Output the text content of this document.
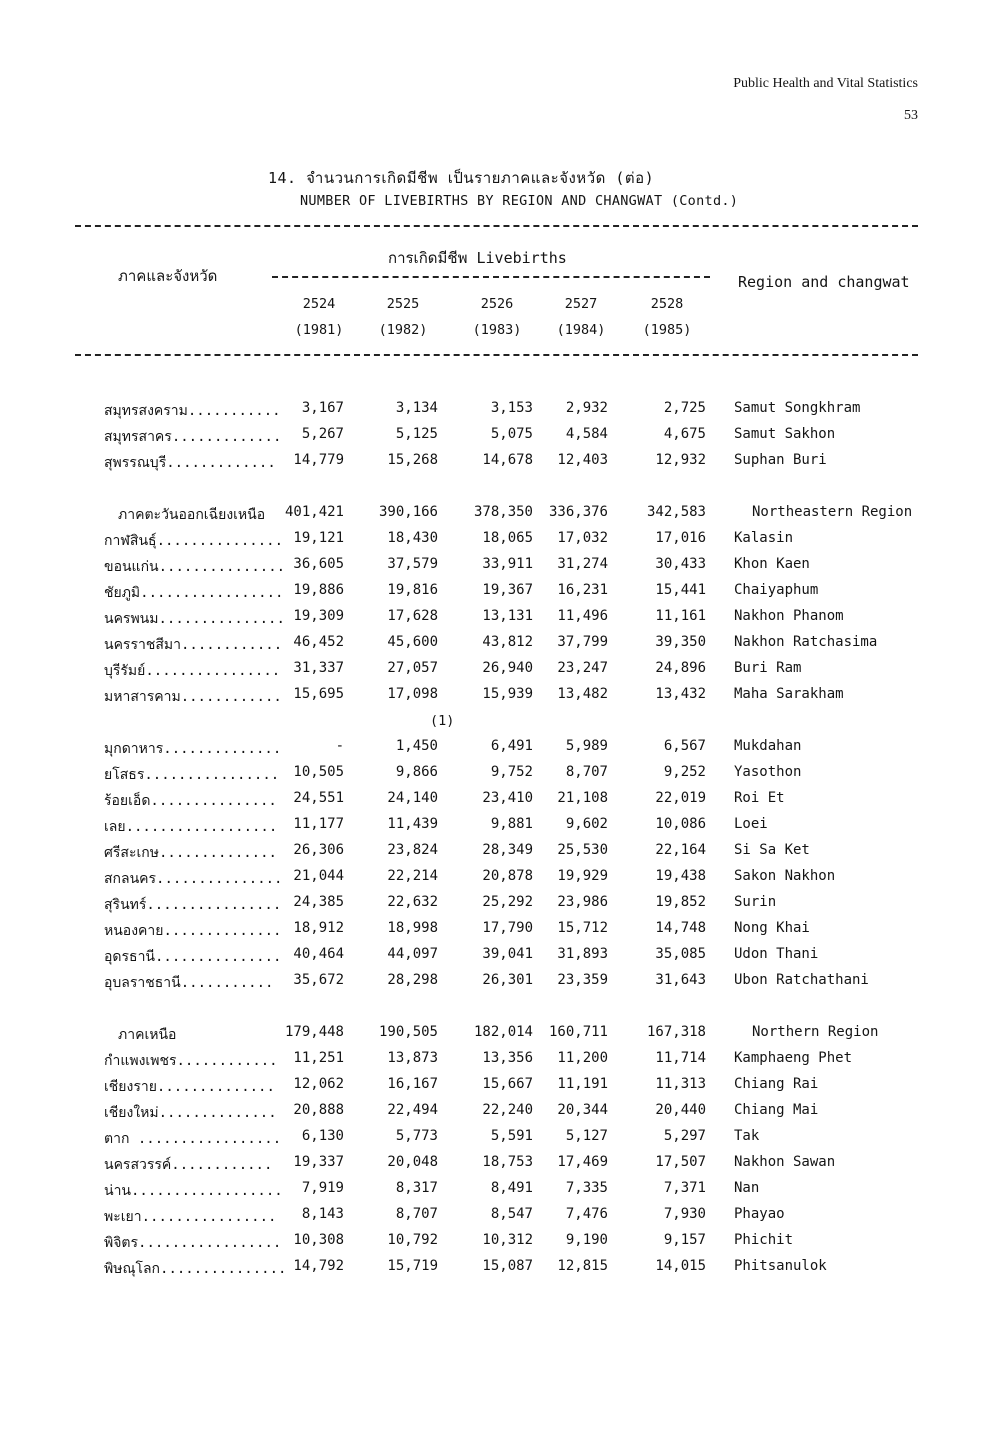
Public Health and Vital Statistics
53
14. จำนวนการเกิดมีชีพ เป็นรายภาคและจังหวัด (ต่อ)
NUMBER OF LIVEBIRTHS BY REGION AND CHANGWAT (Contd.)
ภาคและจังหวัด
การเกิดมีชีพ Livebirths
Region and changwat
2524
(1981)
2525
(1982)
2526
(1983)
2527
(1984)
2528
(1985)
สมุทรสงคราม...........	3,167	3,134	3,153	2,932	2,725 Samut Songkhram
สมุทรสาคร.............	5,267	5,125	5,075	4,584	4,675 Samut Sakhon
สุพรรณบุรี.............	14,779	15,268	14,678	12,403	12,932 Suphan Buri
ภาคตะวันออกเฉียงเหนือ	401,421	390,166	378,350	336,376	342,583	Northeastern Region
กาฬสินธุ์............... 19,121	18,430	18,065	17,032	17,016 Kalasin
ขอนแก่น............... 36,605	37,579	33,911	31,274	30,433 Khon Kaen
ชัยภูมิ................. 19,886	19,816	19,367	16,231	15,441 Chaiyaphum
นครพนม............... 19,309	17,628	13,131	11,496	11,161 Nakhon Phanom
นครราชสีมา............ 46,452	45,600	43,812	37,799	39,350 Nakhon Ratchasima
บุรีรัมย์................ 31,337	27,057	26,940	23,247	24,896 Buri Ram
มหาสารคาม............ 15,695	17,098	15,939	13,482	13,432 Maha Sarakham
มุกดาหาร..............	-	1,450	6,491	5,989	6,567 Mukdahan
ยโสธร................	10,505	9,866	9,752	8,707	9,252 Yasothon
ร้อยเอ็ด...............	24,551	24,140	23,410	21,108	22,019 Roi Et
เลย..................	11,177	11,439	9,881	9,602	10,086 Loei
ศรีสะเกษ..............	26,306	23,824	28,349	25,530	22,164 Si Sa Ket
สกลนคร............... 21,044	22,214	20,878	19,929	19,438 Sakon Nakhon
สุรินทร์................ 24,385	22,632	25,292	23,986	19,852 Surin
หนองคาย.............. 18,912	18,998	17,790	15,712	14,748 Nong Khai
อุดรธานี............... 40,464	44,097	39,041	31,893	35,085 Udon Thani
อุบลราชธานี...........	35,672	28,298	26,301	23,359	31,643 Ubon Ratchathani
ภาคเหนือ	179,448	190,505	182,014	160,711	167,318	Northern Region
กำแพงเพชร............	11,251	13,873	13,356	11,200	11,714 Kamphaeng Phet
เชียงราย..............	12,062	16,167	15,667	11,191	11,313 Chiang Rai
เชียงใหม่..............	20,888	22,494	22,240	20,344	20,440 Chiang Mai
ตาก .................	6,130	5,773	5,591	5,127	5,297 Tak
นครสวรรค์............	19,337	20,048	18,753	17,469	17,507 Nakhon Sawan
น่าน..................	7,919	8,317	8,491	7,335	7,371 Nan
พะเยา................	8,143	8,707	8,547	7,476	7,930 Phayao
พิจิตร................. 10,308	10,792	10,312	9,190	9,157 Phichit
พิษณุโลก............... 14,792	15,719	15,087	12,815	14,015 Phitsanulok
(1)
